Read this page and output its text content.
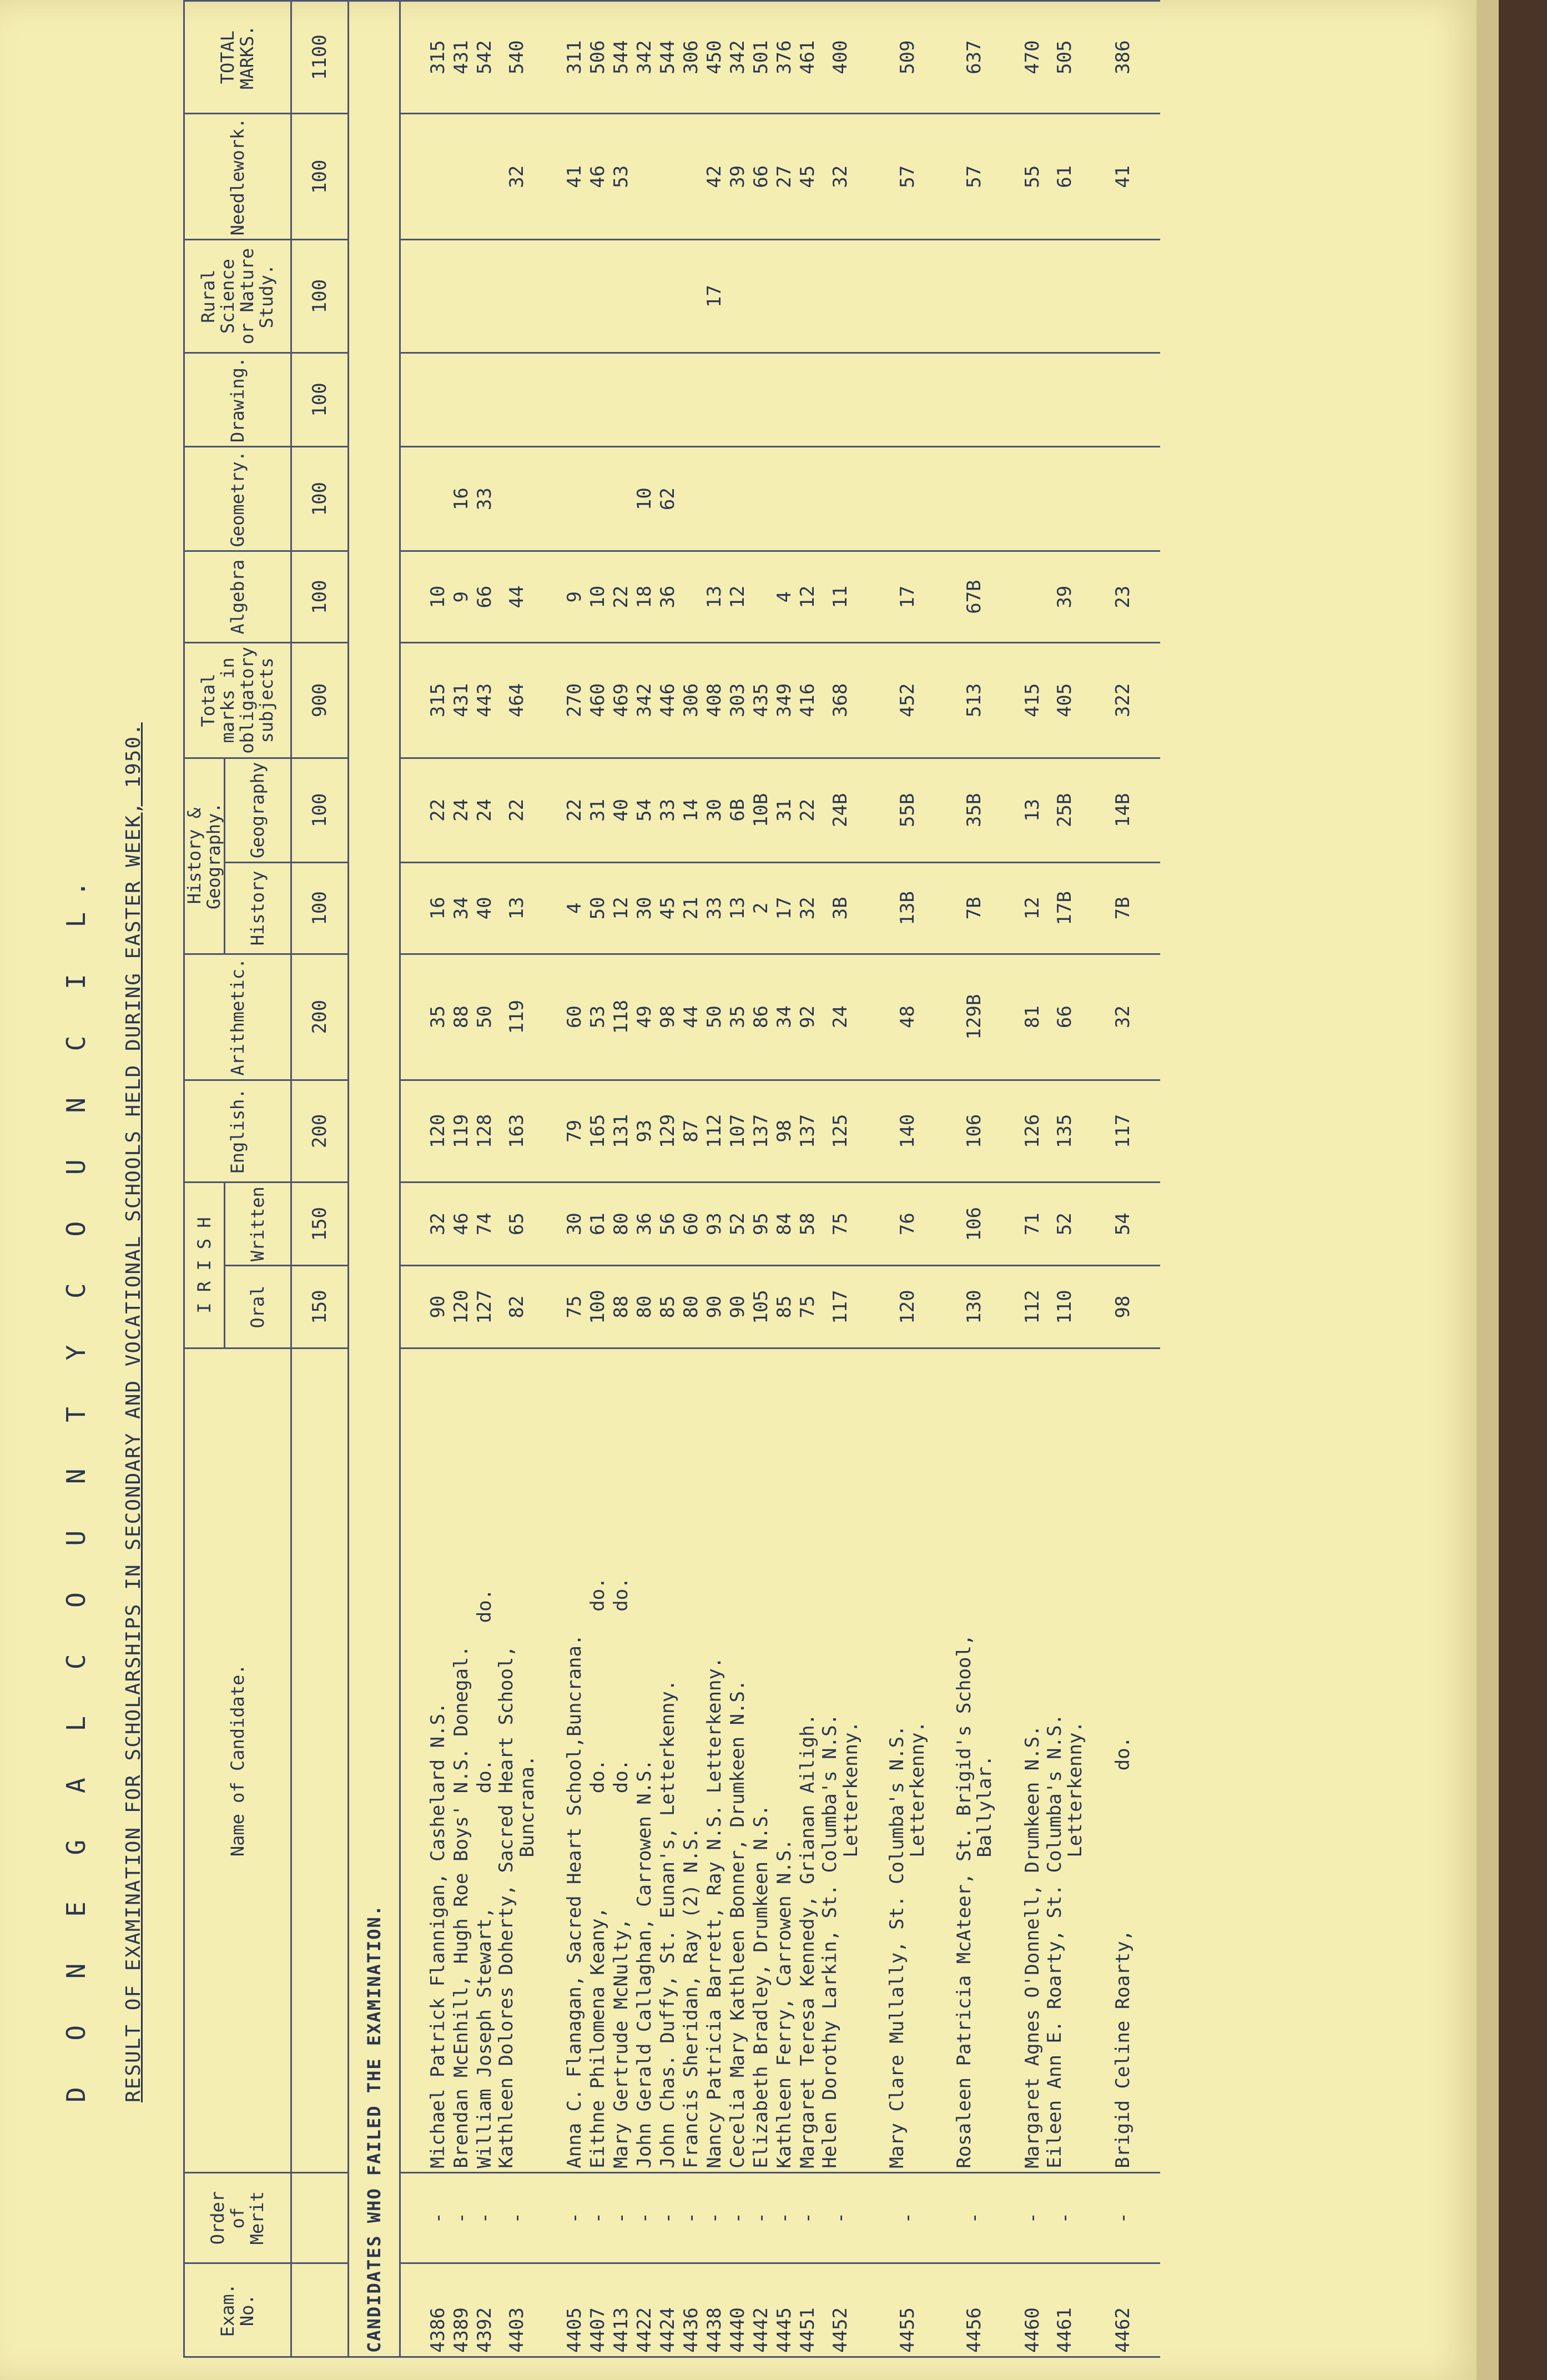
D O N E G A L C O U N T Y C O U N C I L. RESULT OF EXAMINATION FOR SCHOLARSHIPS IN SECONDARY AND VOCATIONAL SCHOOLS HELD DURING EASTER WEEK, 1950.
Exam. No.	Order of Merit	Name of Candidate.	I R I S H		English.	Arithmetic.	History & Geography.		Total marks in obligatory subjects	Algebra	Geometry.	Drawing.	Rural Science or Nature Study.	Needlework.	TOTAL MARKS.
			Oral	Written			History	Geography							
			150	150	200	200	100	100	900	100	100	100	100	100	1100
CANDIDATES WHO FAILED THE EXAMINATION.															

4386	-	Michael Patrick Flannigan, Cashelard N.S.	90	32	120	35	16	22	315	10					315
4389	-	Brendan McEnhill, Hugh Roe Boys' N.S. Donegal.	120	46	119	88	34	24	431	9	16				431
4392	-	William Joseph Stewart,          do.            do.	127	74	128	50	40	24	443	66	33				542
4403	-	Kathleen Dolores Doherty, Sacred Heart School,
Buncrana.	82	65	163	119	13	22	464	44				32	540

4405	-	Anna C. Flanagan, Sacred Heart School,Buncrana.	75	30	79	60	4	22	270	9				41	311
4407	-	Eithne Philomena Keany,          do.             do.	100	61	165	53	50	31	460	10				46	506
4413	-	Mary Gertrude McNulty,           do.             do.	88	80	131	118	12	40	469	22				53	544
4422	-	John Gerald Callaghan, Carrowen N.S.	80	36	93	49	30	54	342	18	10				342
4424	-	John Chas. Duffy, St. Eunan's, Letterkenny.	85	56	129	98	45	33	446	36	62				544
4436	-	Francis Sheridan, Ray (2) N.S.	80	60	87	44	21	14	306						306
4438	-	Nancy Patricia Barrett, Ray N.S. Letterkenny.	90	93	112	50	33	30	408	13			17	42	450
4440	-	Cecelia Mary Kathleen Bonner, Drumkeen N.S.	90	52	107	35	13	6B	303	12				39	342
4442	-	Elizabeth Bradley, Drumkeen N.S.	105	95	137	86	2	10B	435					66	501
4445	-	Kathleen Ferry, Carrowen N.S.	85	84	98	34	17	31	349	4				27	376
4451	-	Margaret Teresa Kennedy, Grianan Ailigh.	75	58	137	92	32	22	416	12				45	461
4452	-	Helen Dorothy Larkin, St. Columba's N.S.
Letterkenny.	117	75	125	24	3B	24B	368	11				32	400

4455	-	Mary Clare Mullally, St. Columba's N.S.
Letterkenny.	120	76	140	48	13B	55B	452	17				57	509

4456	-	Rosaleen Patricia McAteer, St. Brigid's School,
Ballylar.	130	106	106	129B	7B	35B	513	67B				57	637

4460	-	Margaret Agnes O'Donnell, Drumkeen N.S.	112	71	126	81	12	13	415					55	470
4461	-	Eileen Ann E. Roarty, St. Columba's N.S.
Letterkenny.	110	52	135	66	17B	25B	405	39				61	505

4462	-	Brigid Celine Roarty,              do.	98	54	117	32	7B	14B	322	23				41	386
